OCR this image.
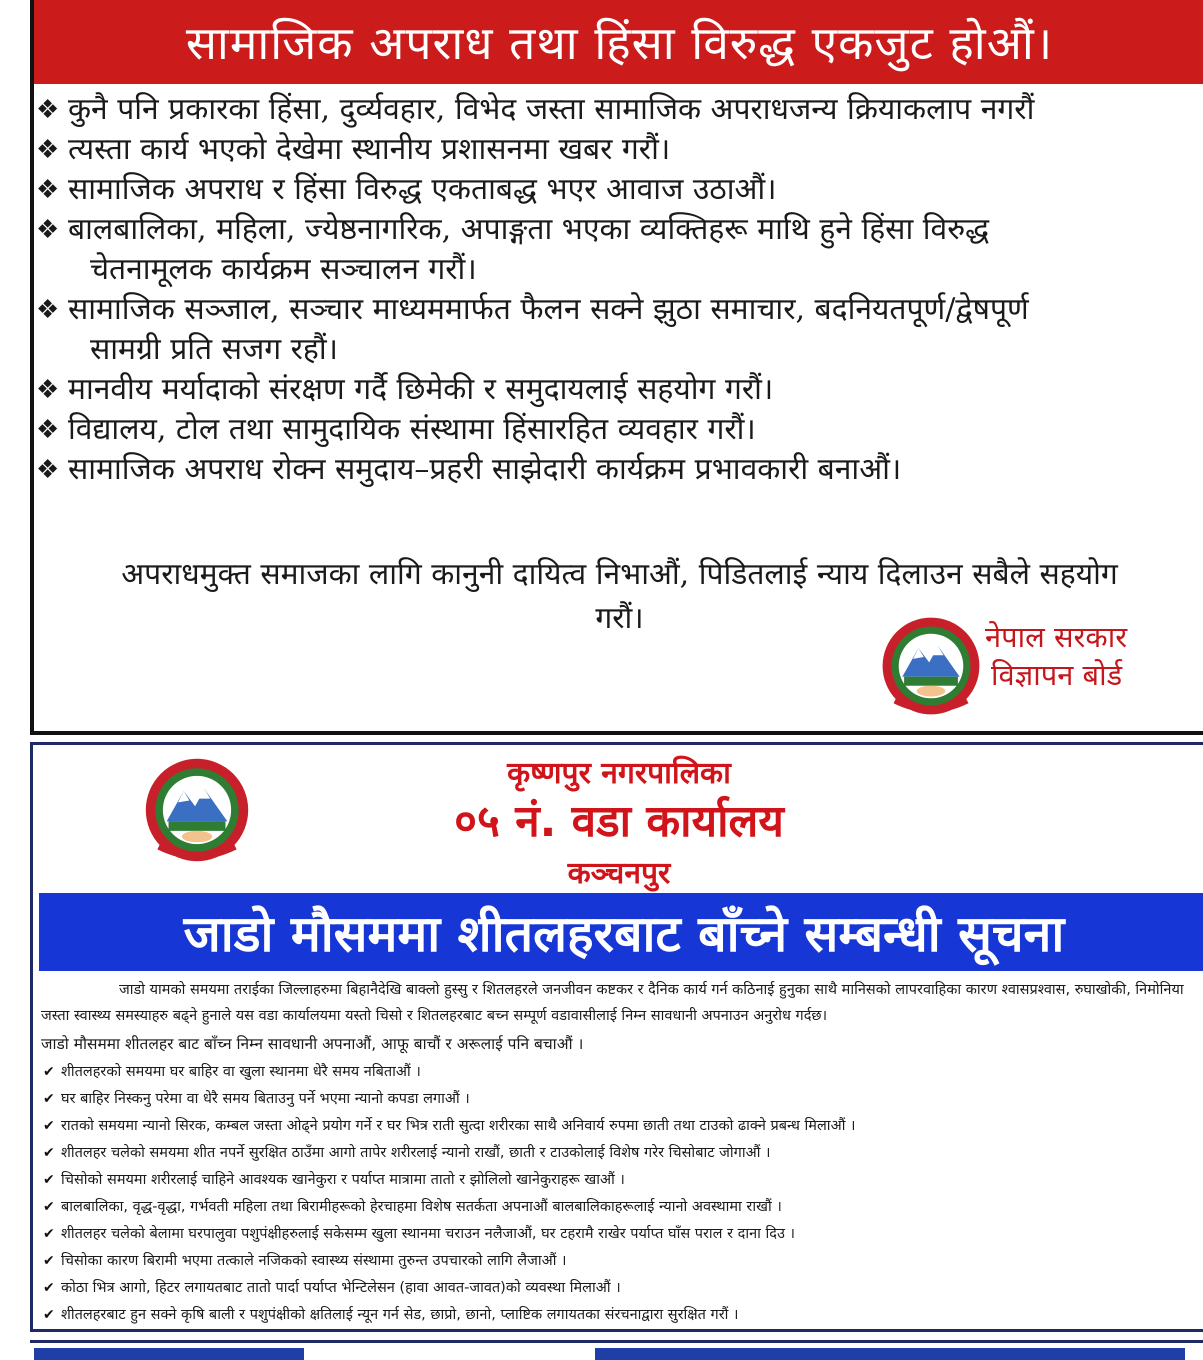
सामाजिक अपराध तथा हिंसा विरुद्ध एकजुट होऔं।
❖ कुनै पनि प्रकारका हिंसा, दुर्व्यवहार, विभेद जस्ता सामाजिक अपराधजन्य क्रियाकलाप नगरौं
❖ त्यस्ता कार्य भएको देखेमा स्थानीय प्रशासनमा खबर गरौं।
❖ सामाजिक अपराध र हिंसा विरुद्ध एकताबद्ध भएर आवाज उठाऔं।
❖ बालबालिका, महिला, ज्येष्ठनागरिक, अपाङ्गता भएका व्यक्तिहरू माथि हुने हिंसा विरुद्ध
चेतनामूलक कार्यक्रम सञ्चालन गरौं।
❖ सामाजिक सञ्जाल, सञ्चार माध्यममार्फत फैलन सक्ने झुठा समाचार, बदनियतपूर्ण/द्वेषपूर्ण
सामग्री प्रति सजग रहौं।
❖ मानवीय मर्यादाको संरक्षण गर्दै छिमेकी र समुदायलाई सहयोग गरौं।
❖ विद्यालय, टोल तथा सामुदायिक संस्थामा हिंसारहित व्यवहार गरौं।
❖ सामाजिक अपराध रोक्न समुदाय–प्रहरी साझेदारी कार्यक्रम प्रभावकारी बनाऔं।
अपराधमुक्त समाजका लागि कानुनी दायित्व निभाऔं, पिडितलाई न्याय दिलाउन सबैले सहयोग
गरौं।
नेपाल सरकार
विज्ञापन बोर्ड
कृष्णपुर नगरपालिका
०५ नं. वडा कार्यालय
कञ्चनपुर
जाडो मौसममा शीतलहरबाट बाँच्ने सम्बन्धी सूचना

जाडो यामको समयमा तराईका जिल्लाहरुमा बिहानैदेखि बाक्लो हुस्सु र शितलहरले जनजीवन कष्टकर र दैनिक कार्य गर्न कठिनाई हुनुका साथै मानिसको लापरवाहिका कारण श्वासप्रश्वास, रुघाखोकी, निमोनिया जस्ता स्वास्थ्य समस्याहरु बढ्ने हुनाले यस वडा कार्यालयमा यस्तो चिसो र शितलहरबाट बच्न सम्पूर्ण वडावासीलाई निम्न सावधानी अपनाउन अनुरोध गर्दछ।

जाडो मौसममा शीतलहर बाट बाँच्न निम्न सावधानी अपनाऔं, आफू बाचौं र अरूलाई पनि बचाऔं ।

✔ शीतलहरको समयमा घर बाहिर वा खुला स्थानमा धेरै समय नबिताऔं ।
✔ घर बाहिर निस्कनु परेमा वा धेरै समय बिताउनु पर्ने भएमा न्यानो कपडा लगाऔं ।
✔ रातको समयमा न्यानो सिरक, कम्बल जस्ता ओढ्ने प्रयोग गर्ने र घर भित्र राती सुत्दा शरीरका साथै अनिवार्य रुपमा छाती तथा टाउको ढाक्ने प्रबन्ध मिलाऔं ।
✔ शीतलहर चलेको समयमा शीत नपर्ने सुरक्षित ठाउँमा आगो तापेर शरीरलाई न्यानो राखौं, छाती र टाउकोलाई विशेष गरेर चिसोबाट जोगाऔं ।
✔ चिसोको समयमा शरीरलाई चाहिने आवश्यक खानेकुरा र पर्याप्त मात्रामा तातो र झोलिलो खानेकुराहरू खाऔं ।
✔ बालबालिका, वृद्ध-वृद्धा, गर्भवती महिला तथा बिरामीहरूको हेरचाहमा विशेष सतर्कता अपनाऔं बालबालिकाहरूलाई न्यानो अवस्थामा राखौं ।
✔ शीतलहर चलेको बेलामा घरपालुवा पशुपंक्षीहरुलाई सकेसम्म खुला स्थानमा चराउन नलैजाऔं, घर टहरामै राखेर पर्याप्त घाँस पराल र दाना दिउ ।
✔ चिसोका कारण बिरामी भएमा तत्काले नजिकको स्वास्थ्य संस्थामा तुरुन्त उपचारको लागि लैजाऔं ।
✔ कोठा भित्र आगो, हिटर लगायतबाट तातो पार्दा पर्याप्त भेन्टिलेसन (हावा आवत-जावत)को व्यवस्था मिलाऔं ।
✔ शीतलहरबाट हुन सक्ने कृषि बाली र पशुपंक्षीको क्षतिलाई न्यून गर्न सेड, छाप्रो, छानो, प्लाष्टिक लगायतका संरचनाद्वारा सुरक्षित गरौं ।
